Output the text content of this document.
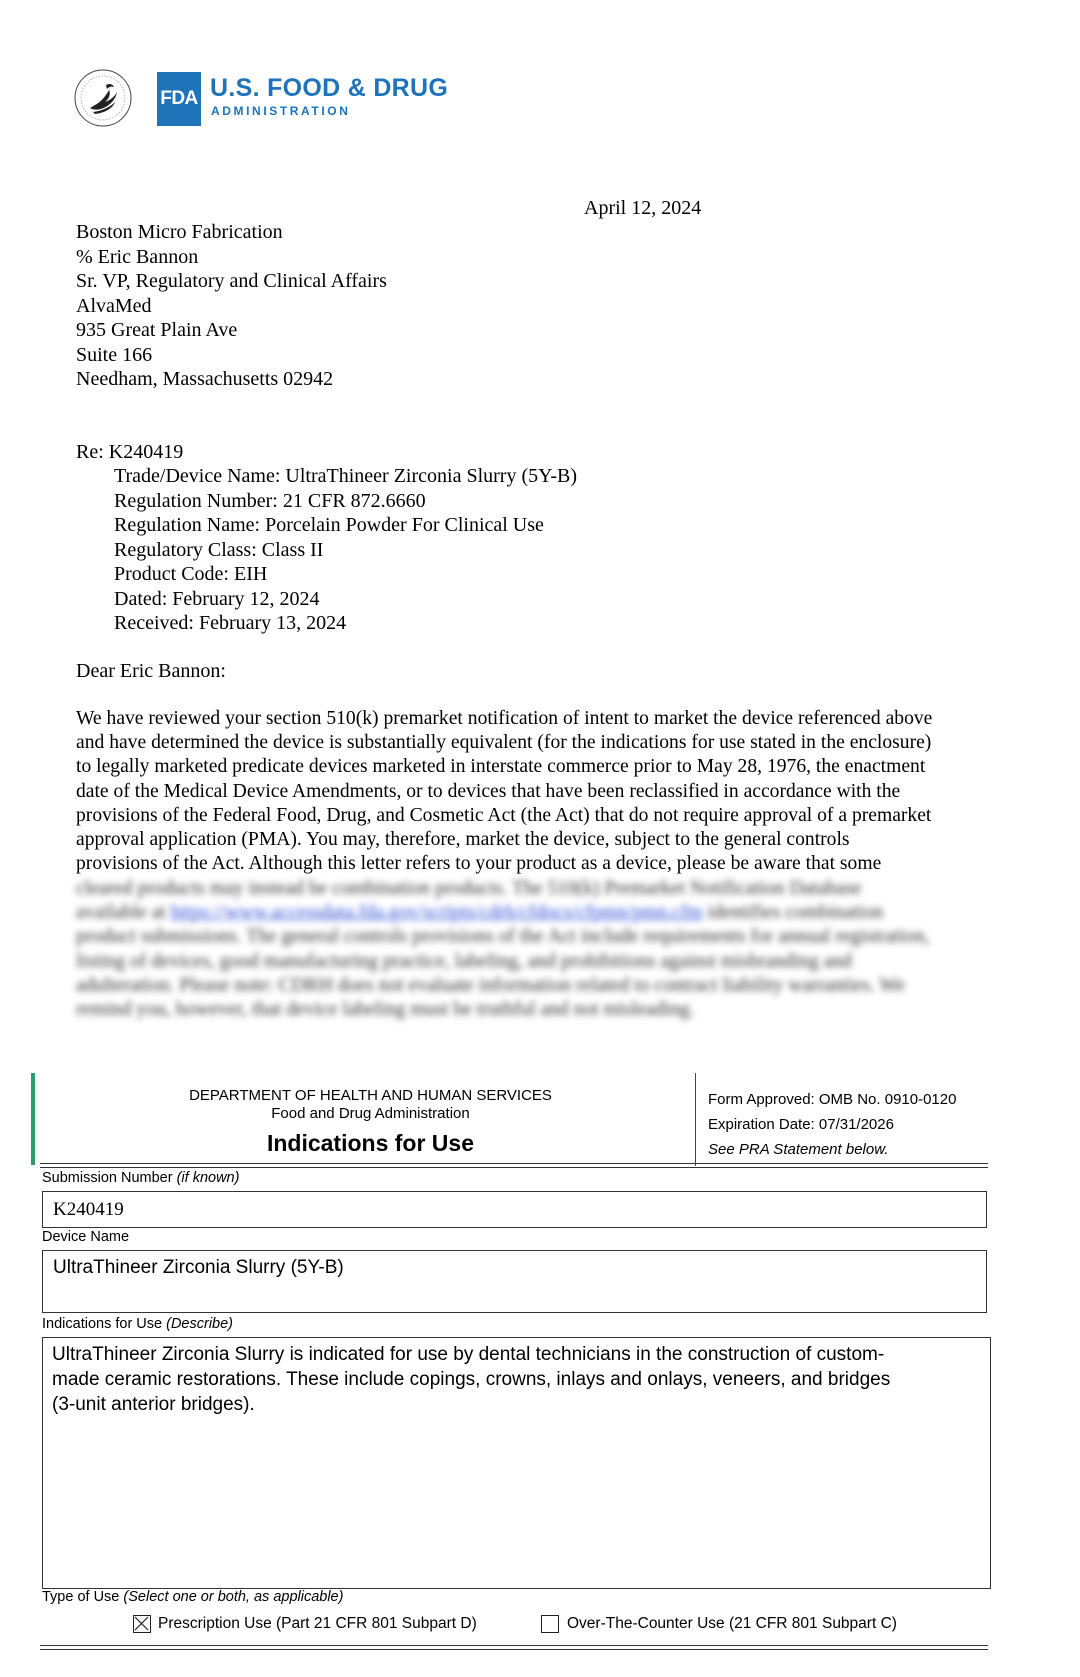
FDA U.S. FOOD & DRUG
ADMINISTRATION
April 12, 2024
Boston Micro Fabrication
% Eric Bannon
Sr. VP, Regulatory and Clinical Affairs
AlvaMed
935 Great Plain Ave
Suite 166
Needham, Massachusetts 02942
Re: K240419
Trade/Device Name: UltraThineer Zirconia Slurry (5Y-B)
Regulation Number: 21 CFR 872.6660
Regulation Name: Porcelain Powder For Clinical Use
Regulatory Class: Class II
Product Code: EIH
Dated: February 12, 2024
Received: February 13, 2024
Dear Eric Bannon:
We have reviewed your section 510(k) premarket notification of intent to market the device referenced above
and have determined the device is substantially equivalent (for the indications for use stated in the enclosure)
to legally marketed predicate devices marketed in interstate commerce prior to May 28, 1976, the enactment
date of the Medical Device Amendments, or to devices that have been reclassified in accordance with the
provisions of the Federal Food, Drug, and Cosmetic Act (the Act) that do not require approval of a premarket
approval application (PMA). You may, therefore, market the device, subject to the general controls
provisions of the Act. Although this letter refers to your product as a device, please be aware that some
cleared products may instead be combination products. The 510(k) Premarket Notification Database
available at https://www.accessdata.fda.gov/scripts/cdrh/cfdocs/cfpmn/pmn.cfm identifies combination
product submissions. The general controls provisions of the Act include requirements for annual registration,
listing of devices, good manufacturing practice, labeling, and prohibitions against misbranding and
adulteration. Please note: CDRH does not evaluate information related to contract liability warranties. We
remind you, however, that device labeling must be truthful and not misleading.
DEPARTMENT OF HEALTH AND HUMAN SERVICES
Food and Drug Administration
Indications for Use
Form Approved: OMB No. 0910-0120
Expiration Date: 07/31/2026
See PRA Statement below.
Submission Number (if known)
K240419
Device Name
UltraThineer Zirconia Slurry (5Y-B)
Indications for Use (Describe)
UltraThineer Zirconia Slurry is indicated for use by dental technicians in the construction of custom-
made ceramic restorations. These include copings, crowns, inlays and onlays, veneers, and bridges
(3-unit anterior bridges).
Type of Use (Select one or both, as applicable)
Prescription Use (Part 21 CFR 801 Subpart D)	Over-The-Counter Use (21 CFR 801 Subpart C)
